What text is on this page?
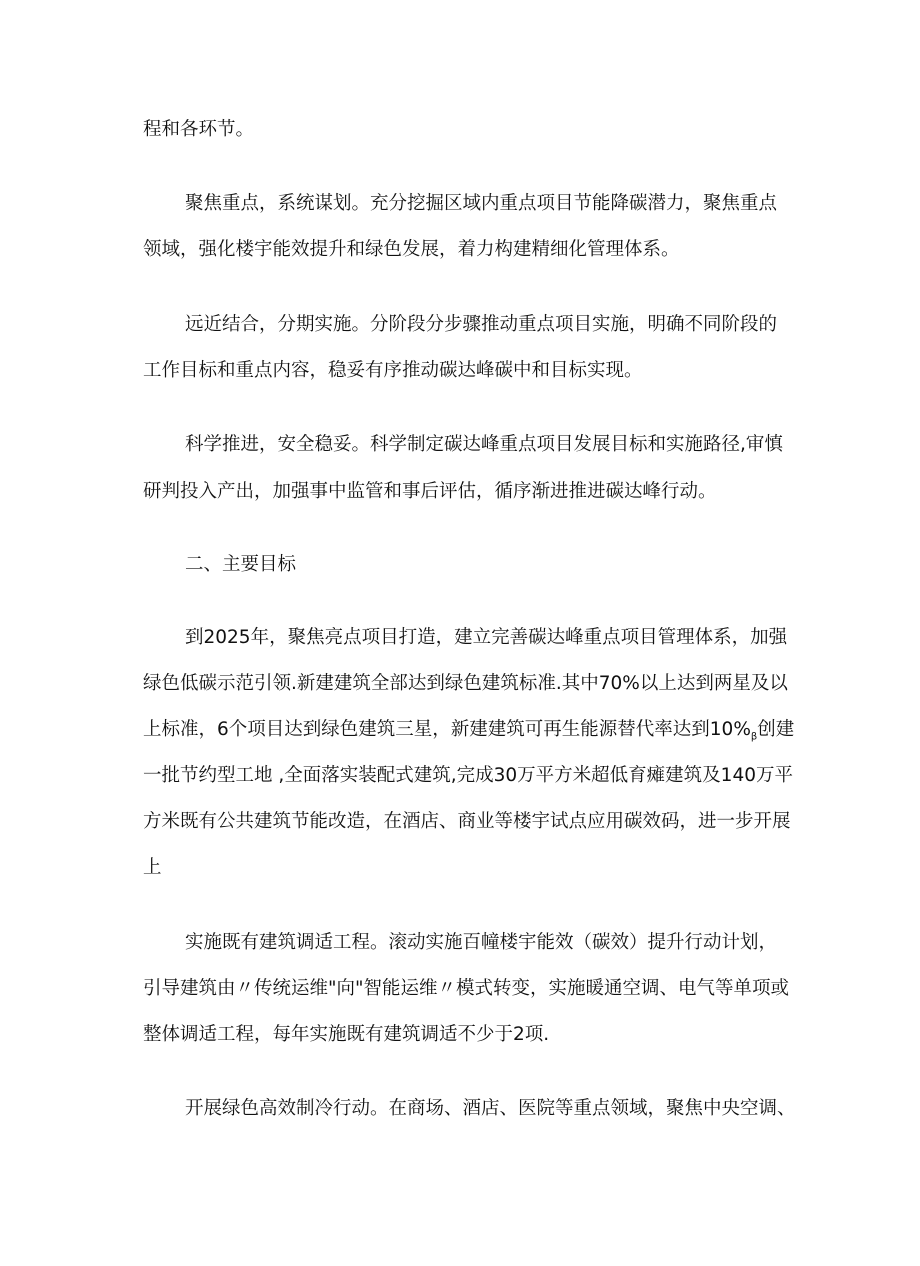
程和各环节。
聚焦重点，系统谋划。充分挖掘区域内重点项目节能降碳潜力，聚焦重点
领域，强化楼宇能效提升和绿色发展，着力构建精细化管理体系。
远近结合，分期实施。分阶段分步骤推动重点项目实施，明确不同阶段的
工作目标和重点内容，稳妥有序推动碳达峰碳中和目标实现。
科学推进，安全稳妥。科学制定碳达峰重点项目发展目标和实施路径,审慎
研判投入产出，加强事中监管和事后评估，循序渐进推进碳达峰行动。
二、主要目标
到2025年，聚焦亮点项目打造，建立完善碳达峰重点项目管理体系，加强
绿色低碳示范引领.新建建筑全部达到绿色建筑标准.其中70%以上达到两星及以
上标准，6个项目达到绿色建筑三星，新建建筑可再生能源替代率达到$10\%_\beta$创建
一批节约型工地 ,全面落实装配式建筑,完成30万平方米超低育瘫建筑及140万平
方米既有公共建筑节能改造，在酒店、商业等楼宇试点应用碳效码，进一步开展
上
实施既有建筑调适工程。滚动实施百幢楼宇能效（碳效）提升行动计划，
引导建筑由〃传统运维"向"智能运维〃模式转变，实施暖通空调、电气等单项或
整体调适工程，每年实施既有建筑调适不少于2项.
开展绿色高效制冷行动。在商场、酒店、医院等重点领域，聚焦中央空调、
